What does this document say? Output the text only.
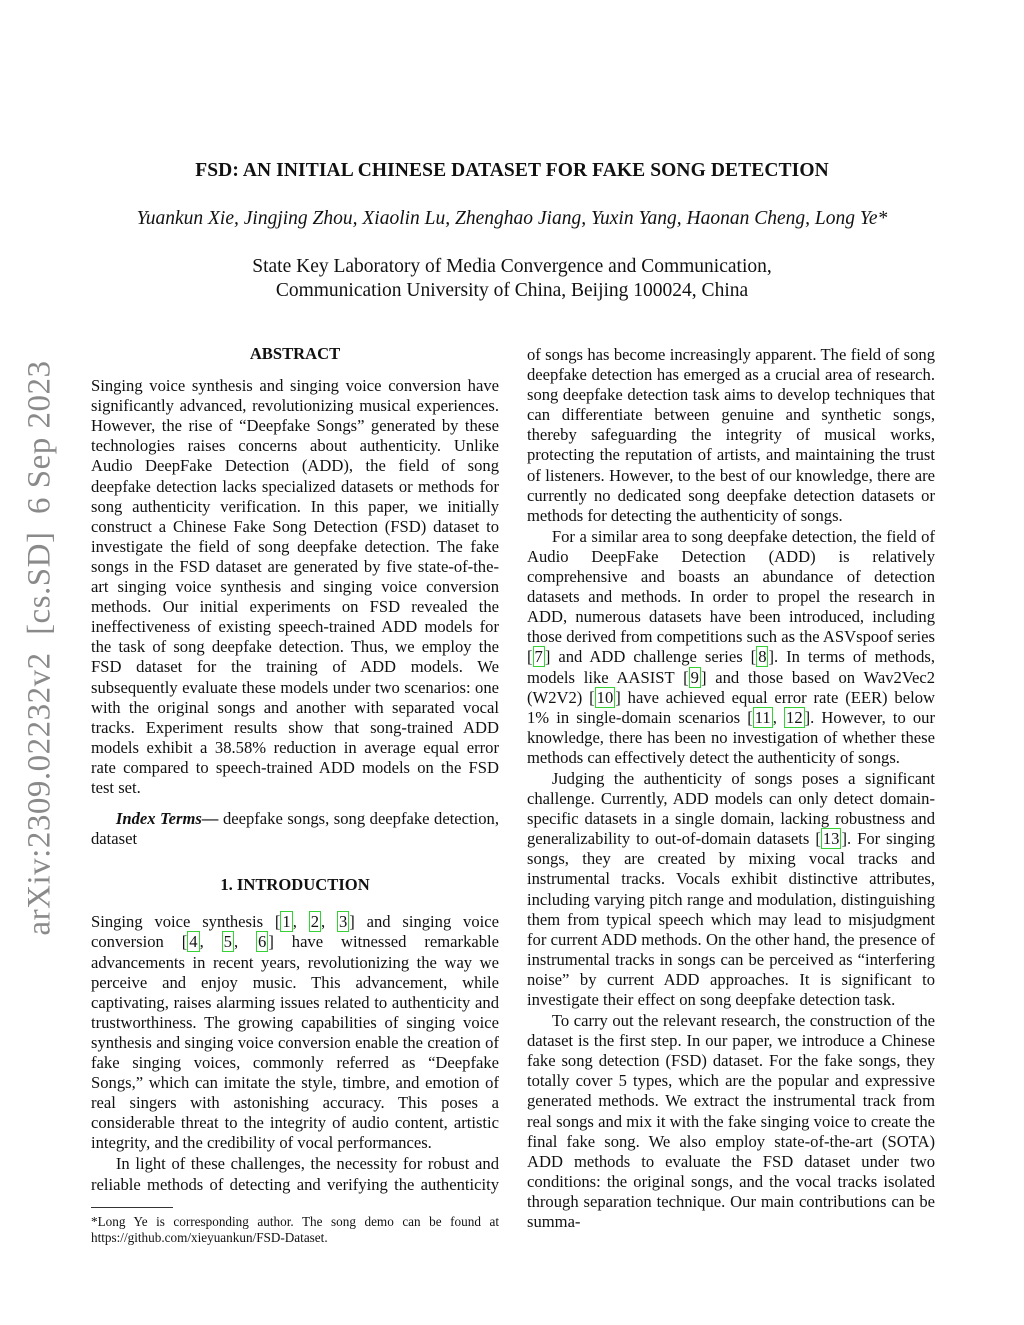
arXiv:2309.02232v2  [cs.SD]  6 Sep 2023
FSD: AN INITIAL CHINESE DATASET FOR FAKE SONG DETECTION
Yuankun Xie, Jingjing Zhou, Xiaolin Lu, Zhenghao Jiang, Yuxin Yang, Haonan Cheng, Long Ye*
State Key Laboratory of Media Convergence and Communication,
Communication University of China, Beijing 100024, China
ABSTRACT

Singing voice synthesis and singing voice conversion have significantly advanced, revolutionizing musical experiences. However, the rise of “Deepfake Songs” generated by these technologies raises concerns about authenticity. Unlike Audio DeepFake Detection (ADD), the field of song deepfake detection lacks specialized datasets or methods for song authenticity verification. In this paper, we initially construct a Chinese Fake Song Detection (FSD) dataset to investigate the field of song deepfake detection. The fake songs in the FSD dataset are generated by five state-of-the-art singing voice synthesis and singing voice conversion methods. Our initial experiments on FSD revealed the ineffectiveness of existing speech-trained ADD models for the task of song deepfake detection. Thus, we employ the FSD dataset for the training of ADD models. We subsequently evaluate these models under two scenarios: one with the original songs and another with separated vocal tracks. Experiment results show that song-trained ADD models exhibit a 38.58% reduction in average equal error rate compared to speech-trained ADD models on the FSD test set.

Index Terms— deepfake songs, song deepfake detection, dataset

1. INTRODUCTION

Singing voice synthesis [ 1 , 2 , 3 ] and singing voice conversion [ 4 , 5 , 6 ] have witnessed remarkable advancements in recent years, revolutionizing the way we perceive and enjoy music. This advancement, while captivating, raises alarming issues related to authenticity and trustworthiness. The growing capabilities of singing voice synthesis and singing voice conversion enable the creation of fake singing voices, commonly referred as “Deepfake Songs,” which can imitate the style, timbre, and emotion of real singers with astonishing accuracy. This poses a considerable threat to the integrity of audio content, artistic integrity, and the credibility of vocal performances.

In light of these challenges, the necessity for robust and reliable methods of detecting and verifying the authenticity

*Long Ye is corresponding author. The song demo can be found at https://github.com/xieyuankun/FSD-Dataset.

of songs has become increasingly apparent. The field of song deepfake detection has emerged as a crucial area of research. song deepfake detection task aims to develop techniques that can differentiate between genuine and synthetic songs, thereby safeguarding the integrity of musical works, protecting the reputation of artists, and maintaining the trust of listeners. However, to the best of our knowledge, there are currently no dedicated song deepfake detection datasets or methods for detecting the authenticity of songs.

For a similar area to song deepfake detection, the field of Audio DeepFake Detection (ADD) is relatively comprehensive and boasts an abundance of detection datasets and methods. In order to propel the research in ADD, numerous datasets have been introduced, including those derived from competitions such as the ASVspoof series [ 7 ] and ADD challenge series [ 8 ]. In terms of methods, models like AASIST [ 9 ] and those based on Wav2Vec2 (W2V2) [ 10 ] have achieved equal error rate (EER) below 1% in single-domain scenarios [ 11 , 12 ]. However, to our knowledge, there has been no investigation of whether these methods can effectively detect the authenticity of songs.

Judging the authenticity of songs poses a significant challenge. Currently, ADD models can only detect domain-specific datasets in a single domain, lacking robustness and generalizability to out-of-domain datasets [ 13 ]. For singing songs, they are created by mixing vocal tracks and instrumental tracks. Vocals exhibit distinctive attributes, including varying pitch range and modulation, distinguishing them from typical speech which may lead to misjudgment for current ADD methods. On the other hand, the presence of instrumental tracks in songs can be perceived as “interfering noise” by current ADD approaches. It is significant to investigate their effect on song deepfake detection task.

To carry out the relevant research, the construction of the dataset is the first step. In our paper, we introduce a Chinese fake song detection (FSD) dataset. For the fake songs, they totally cover 5 types, which are the popular and expressive generated methods. We extract the instrumental track from real songs and mix it with the fake singing voice to create the final fake song. We also employ state-of-the-art (SOTA) ADD methods to evaluate the FSD dataset under two conditions: the original songs, and the vocal tracks isolated through separation technique. Our main contributions can be summa-
